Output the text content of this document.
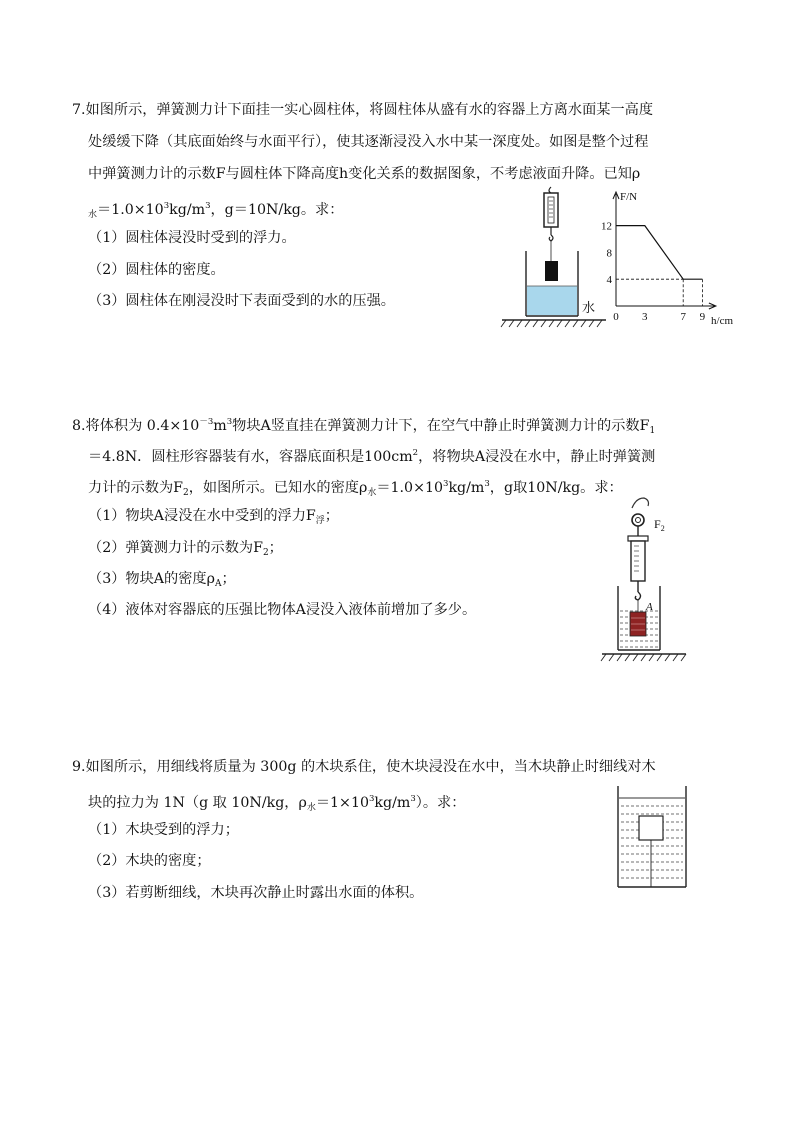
7.如图所示，弹簧测力计下面挂一实心圆柱体，将圆柱体从盛有水的容器上方离水面某一高度
处缓缓下降（其底面始终与水面平行），使其逐渐浸没入水中某一深度处。如图是整个过程
中弹簧测力计的示数F与圆柱体下降高度h变化关系的数据图象，不考虑液面升降。已知ρ
$_水=1.0\times 10^3kg/m^3$，g＝10N/kg。求：
（1）圆柱体浸没时受到的浮力。
（2）圆柱体的密度。
（3）圆柱体在刚浸没时下表面受到的水的压强。	水
12
8
4
0 3	7 9
F/N
h/cm
8.将体积为 $0.4\times 10^{-3}m^3$物块A竖直挂在弹簧测力计下，在空气中静止时弹簧测力计的示数$F_1$
＝4.8N．圆柱形容器装有水，容器底面积是$100cm^2$，将物块A浸没在水中，静止时弹簧测
力计的示数为$F_2$，如图所示。已知水的密度$\rho_水=1.0\times 10^3kg/m^3$，g取10N/kg。求：
（1）物块A浸没在水中受到的浮力$F_浮$；
（2）弹簧测力计的示数为$F_2$；
（3）物块A的密度$\rho_A$；
（4）液体对容器底的压强比物体A浸没入液体前增加了多少。
$F_2$
A
9.如图所示，用细线将质量为 300g 的木块系住，使木块浸没在水中，当木块静止时细线对木
块的拉力为 1N（g 取 10N/kg，$\rho_水=1\times 10^3kg/m^3$）。求：
（1）木块受到的浮力；
（2）木块的密度；
（3）若剪断细线，木块再次静止时露出水面的体积。
